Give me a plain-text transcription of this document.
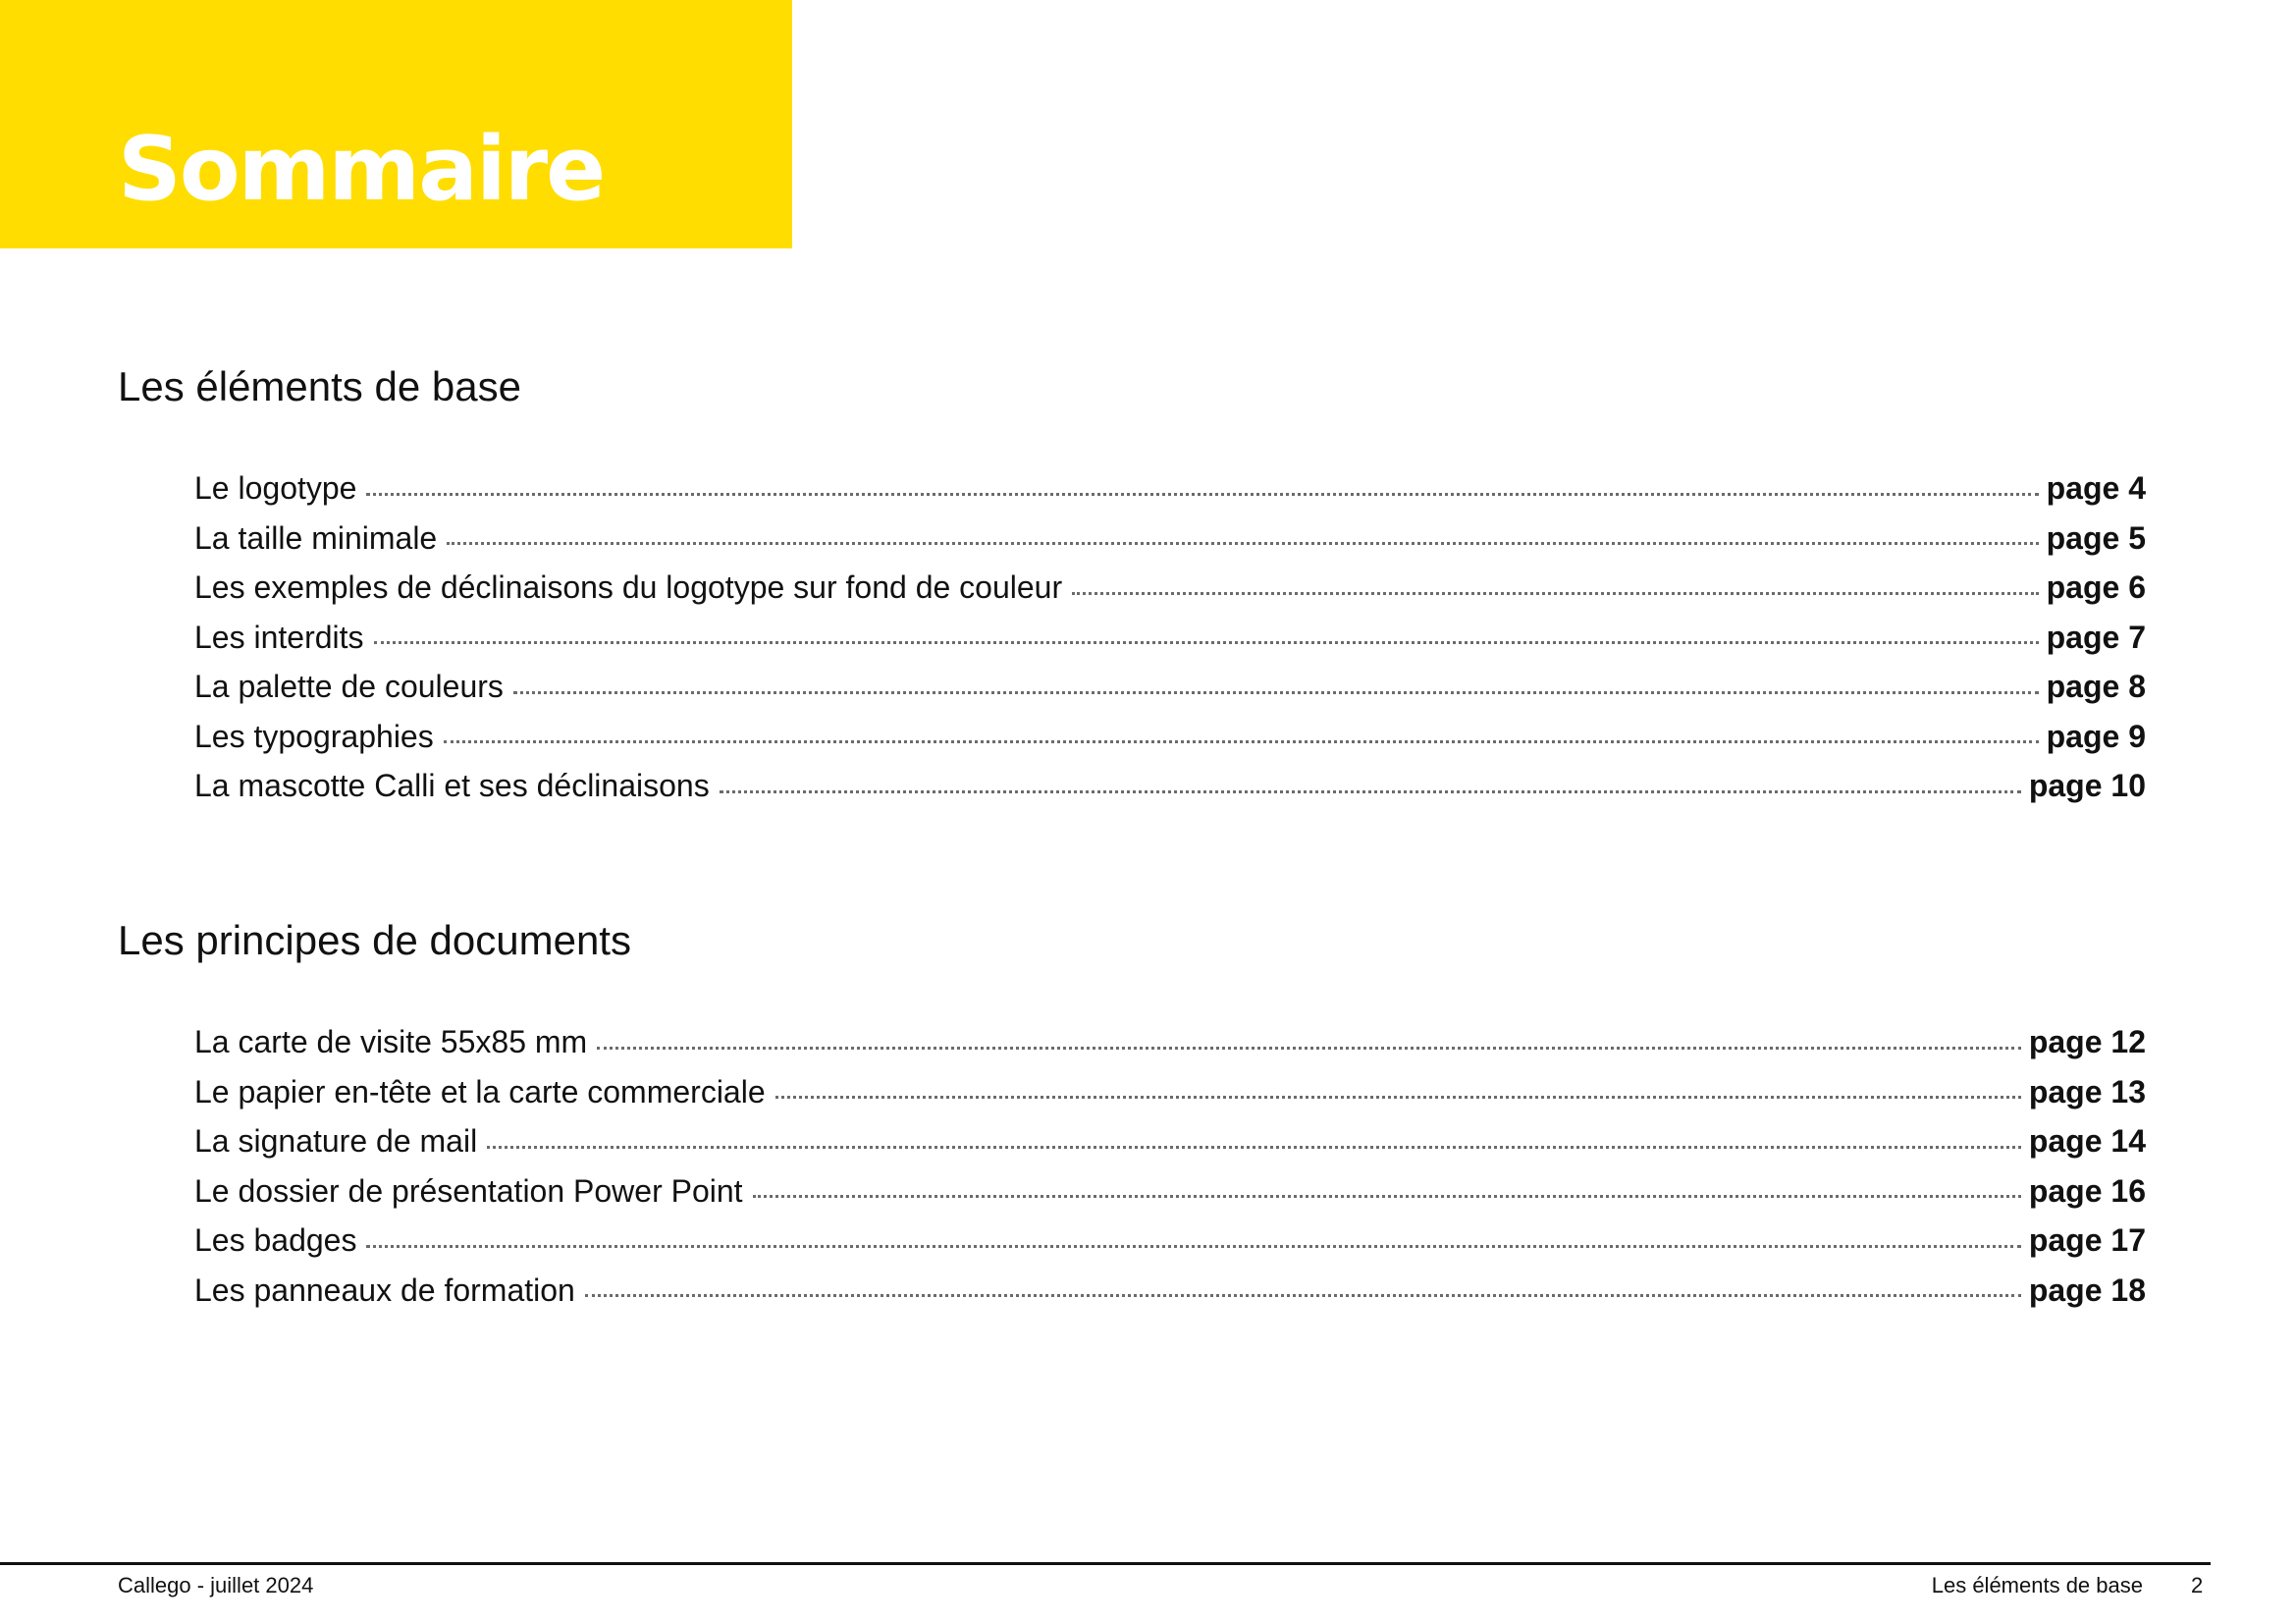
Sommaire
Les éléments de base
Le logotype	page 4
La taille minimale	page 5
Les exemples de déclinaisons du logotype sur fond de couleur	page 6
Les interdits	page 7
La palette de couleurs	page 8
Les typographies	page 9
La mascotte Calli et ses déclinaisons	page 10
Les principes de documents
La carte de visite 55x85 mm	page 12
Le papier en-tête et la carte commerciale	page 13
La signature de mail	page 14
Le dossier de présentation Power Point	page 16
Les badges	page 17
Les panneaux de formation	page 18
Callego - juillet 2024	Les éléments de base 2
